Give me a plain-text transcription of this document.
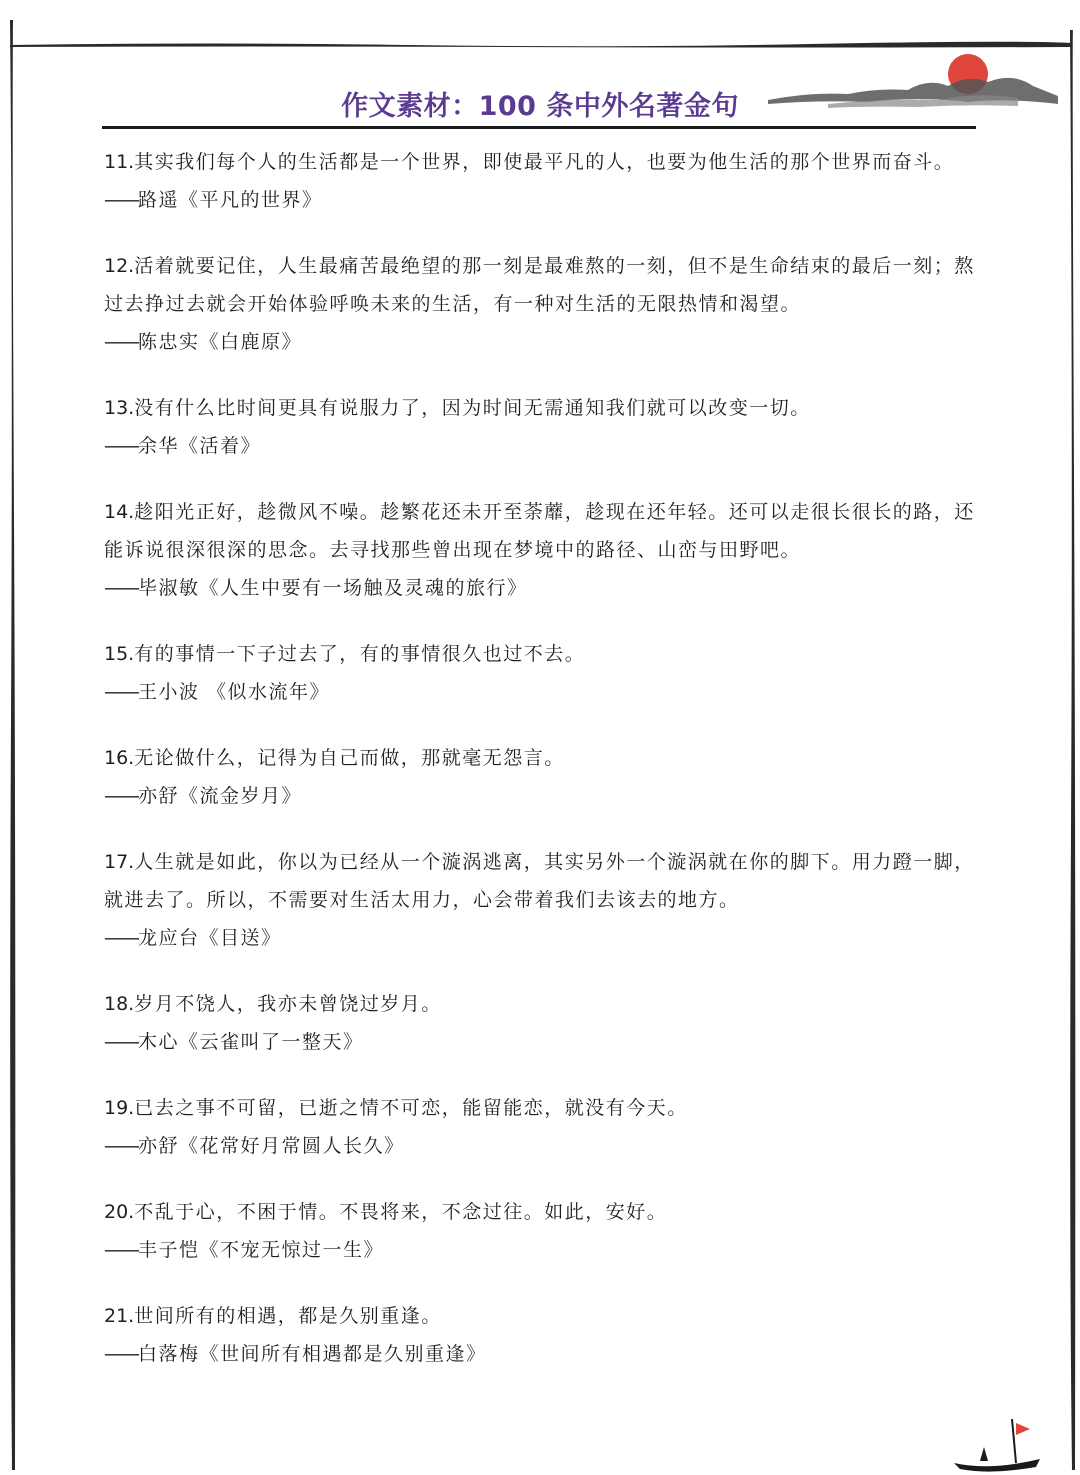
作文素材：100 条中外名著金句

11.其实我们每个人的生活都是一个世界，即使最平凡的人，也要为他生活的那个世界而奋斗。

——路遥《平凡的世界》

12.活着就要记住，人生最痛苦最绝望的那一刻是最难熬的一刻，但不是生命结束的最后一刻；熬过去挣过去就会开始体验呼唤未来的生活，有一种对生活的无限热情和渴望。

——陈忠实《白鹿原》

13.没有什么比时间更具有说服力了，因为时间无需通知我们就可以改变一切。

——余华《活着》

14.趁阳光正好，趁微风不噪。趁繁花还未开至荼蘼，趁现在还年轻。还可以走很长很长的路，还能诉说很深很深的思念。去寻找那些曾出现在梦境中的路径、山峦与田野吧。

——毕淑敏《人生中要有一场触及灵魂的旅行》

15.有的事情一下子过去了，有的事情很久也过不去。

——王小波 《似水流年》

16.无论做什么，记得为自己而做，那就毫无怨言。

——亦舒《流金岁月》

17.人生就是如此，你以为已经从一个漩涡逃离，其实另外一个漩涡就在你的脚下。用力蹬一脚，就进去了。所以，不需要对生活太用力，心会带着我们去该去的地方。

——龙应台《目送》

18.岁月不饶人，我亦未曾饶过岁月。

——木心《云雀叫了一整天》

19.已去之事不可留，已逝之情不可恋，能留能恋，就没有今天。

——亦舒《花常好月常圆人长久》

20.不乱于心，不困于情。不畏将来，不念过往。如此，安好。

——丰子恺《不宠无惊过一生》

21.世间所有的相遇，都是久别重逢。

——白落梅《世间所有相遇都是久别重逢》
